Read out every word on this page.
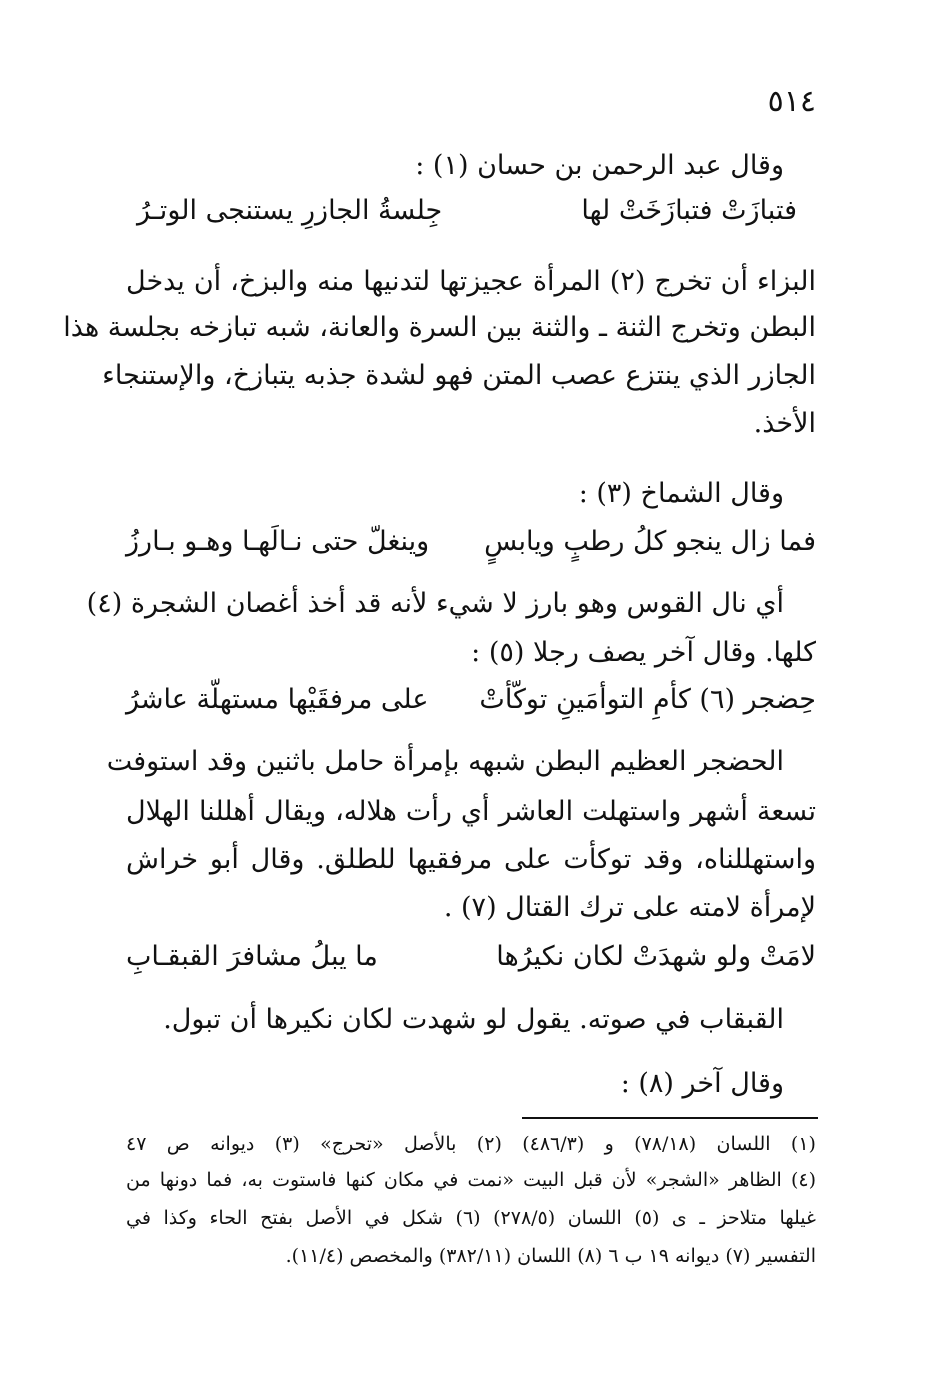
٥١٤
وقال عبد الرحمن بن حسان (١) :
فتبازَتْ فتبازَخَتْ لها
جِلسةُ الجازرِ يستنجى الوتـرُ
البزاء أن تخرج (٢) المرأة عجيزتها لتدنيها منه والبزخ، أن يدخل
البطن وتخرج الثنة ـ والثنة بين السرة والعانة، شبه تبازخه بجلسة هذا
الجازر الذي ينتزع عصب المتن فهو لشدة جذبه يتبازخ، والإستنجاء
الأخذ.
وقال الشماخ (٣) :
فما زال ينجو كلُ رطبٍ ويابسٍ
وينغلّ حتى نـالَهـا وهـو بـارزُ
أي نال القوس وهو بارز لا شيء لأنه قد أخذ أغصان الشجرة (٤)
كلها. وقال آخر يصف رجلا (٥) :
حِضجر (٦) كأمِ التوأمَينِ توكّأتْ
على مرفقَيْها مستهلّة عاشرُ
الحضجر العظيم البطن شبهه بإمرأة حامل باثنين وقد استوفت
تسعة أشهر واستهلت العاشر أي رأت هلاله، ويقال أهللنا الهلال
واستهللناه، وقد توكأت على مرفقيها للطلق. وقال أبو خراش
لإمرأة لامته على ترك القتال (٧) .
لامَتْ ولو شهدَتْ لكان نكيرُها
ما يبلُ مشافرَ القبقـابِ
القبقاب في صوته. يقول لو شهدت لكان نكيرها أن تبول.
وقال آخر (٨) :
(١) اللسان (٧٨/١٨) و (٤٨٦/٣) (٢) بالأصل «تحرج» (٣) ديوانه ص ٤٧
(٤) الظاهر «الشجر» لأن قبل البيت «نمت في مكان كنها فاستوت به، فما دونها من
غيلها متلاحز ـ ى (٥) اللسان (٢٧٨/٥) (٦) شكل في الأصل بفتح الحاء وكذا في
التفسير (٧) ديوانه ١٩ ب ٦ (٨) اللسان (٣٨٢/١١) والمخصص (١١/٤).
